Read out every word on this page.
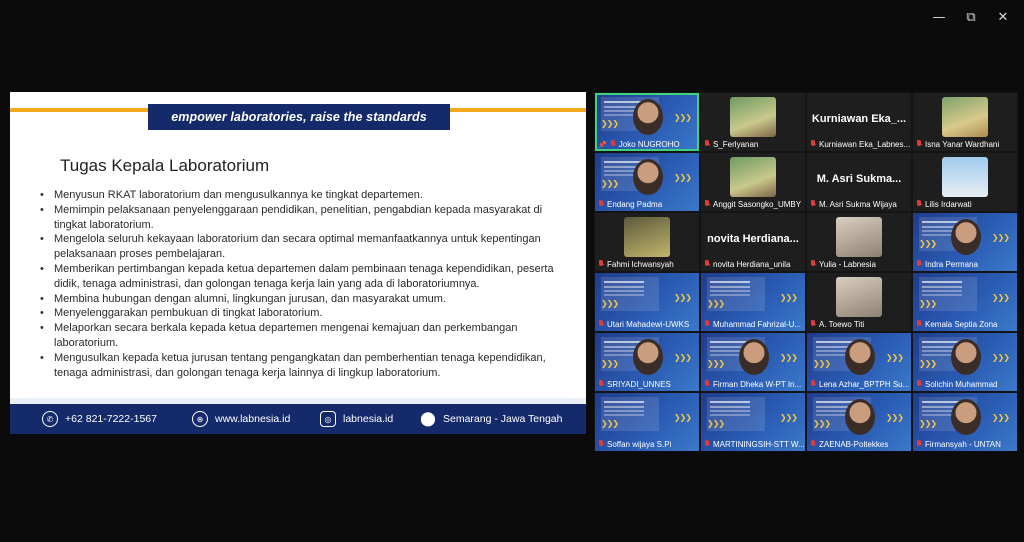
—	⧉	✕
empower laboratories, raise the standards
Tugas Kepala Laboratorium
• Menyusun RKAT laboratorium dan mengusulkannya ke tingkat departemen.
• Memimpin pelaksanaan penyelenggaraan pendidikan, penelitian, pengabdian kepada masyarakat di tingkat laboratorium.
• Mengelola seluruh kekayaan laboratorium dan secara optimal memanfaatkannya untuk kepentingan pelaksanaan proses pembelajaran.
• Memberikan pertimbangan kepada ketua departemen dalam pembinaan tenaga kependidikan, peserta didik, tenaga administrasi, dan golongan tenaga kerja lain yang ada di laboratoriumnya.
• Membina hubungan dengan alumni, lingkungan jurusan, dan masyarakat umum.
• Menyelenggarakan pembukuan di tingkat laboratorium.
• Melaporkan secara berkala kepada ketua departemen mengenai kemajuan dan perkembangan laboratorium.
• Mengusulkan kepada ketua jurusan tentang pengangkatan dan pemberhentian tenaga kependidikan, tenaga administrasi, dan golongan tenaga kerja lainnya di lingkup laboratorium.
✆	+62 821-7222-1567	⊕	www.labnesia.id	◎	labnesia.id ⬤ Semarang - Jawa Tengah
❯❯❯
❯❯❯
📌 Joko NUGROHO	S_Ferlyanan
Kurniawan Eka_...
Kurniawan Eka_Labnes... Isna Yanar Wardhani
❯❯❯
❯❯❯
Endang Padma	Anggit Sasongko_UMBY
M. Asri Sukma...
M. Asri Sukma Wijaya	Lilis Irdarwati
Fahmi Ichwansyah
novita Herdiana...
novita Herdiana_unila	Yulia - Labnesia
❯❯❯
❯❯❯
Indra Permana
❯❯❯
❯❯❯
Utari Mahadewi-UWKS
❯❯❯
❯❯❯
Muhammad Fahrizal-U... A. Toewo Titi
❯❯❯
❯❯❯
Kemala Septia Zona
❯❯❯
❯❯❯
SRIYADI_UNNES
❯❯❯
❯❯❯
Firman Dheka W-PT In...
❯❯❯
❯❯❯
Lena Azhar_BPTPH Su...
❯❯❯
❯❯❯
Solichin Muhammad
❯❯❯
❯❯❯
Soffan wijaya S.Pi
❯❯❯
❯❯❯
MARTININGSIH-STT W...
❯❯❯
❯❯❯
ZAENAB-Poltekkes
❯❯❯
❯❯❯
Firmansyah - UNTAN
